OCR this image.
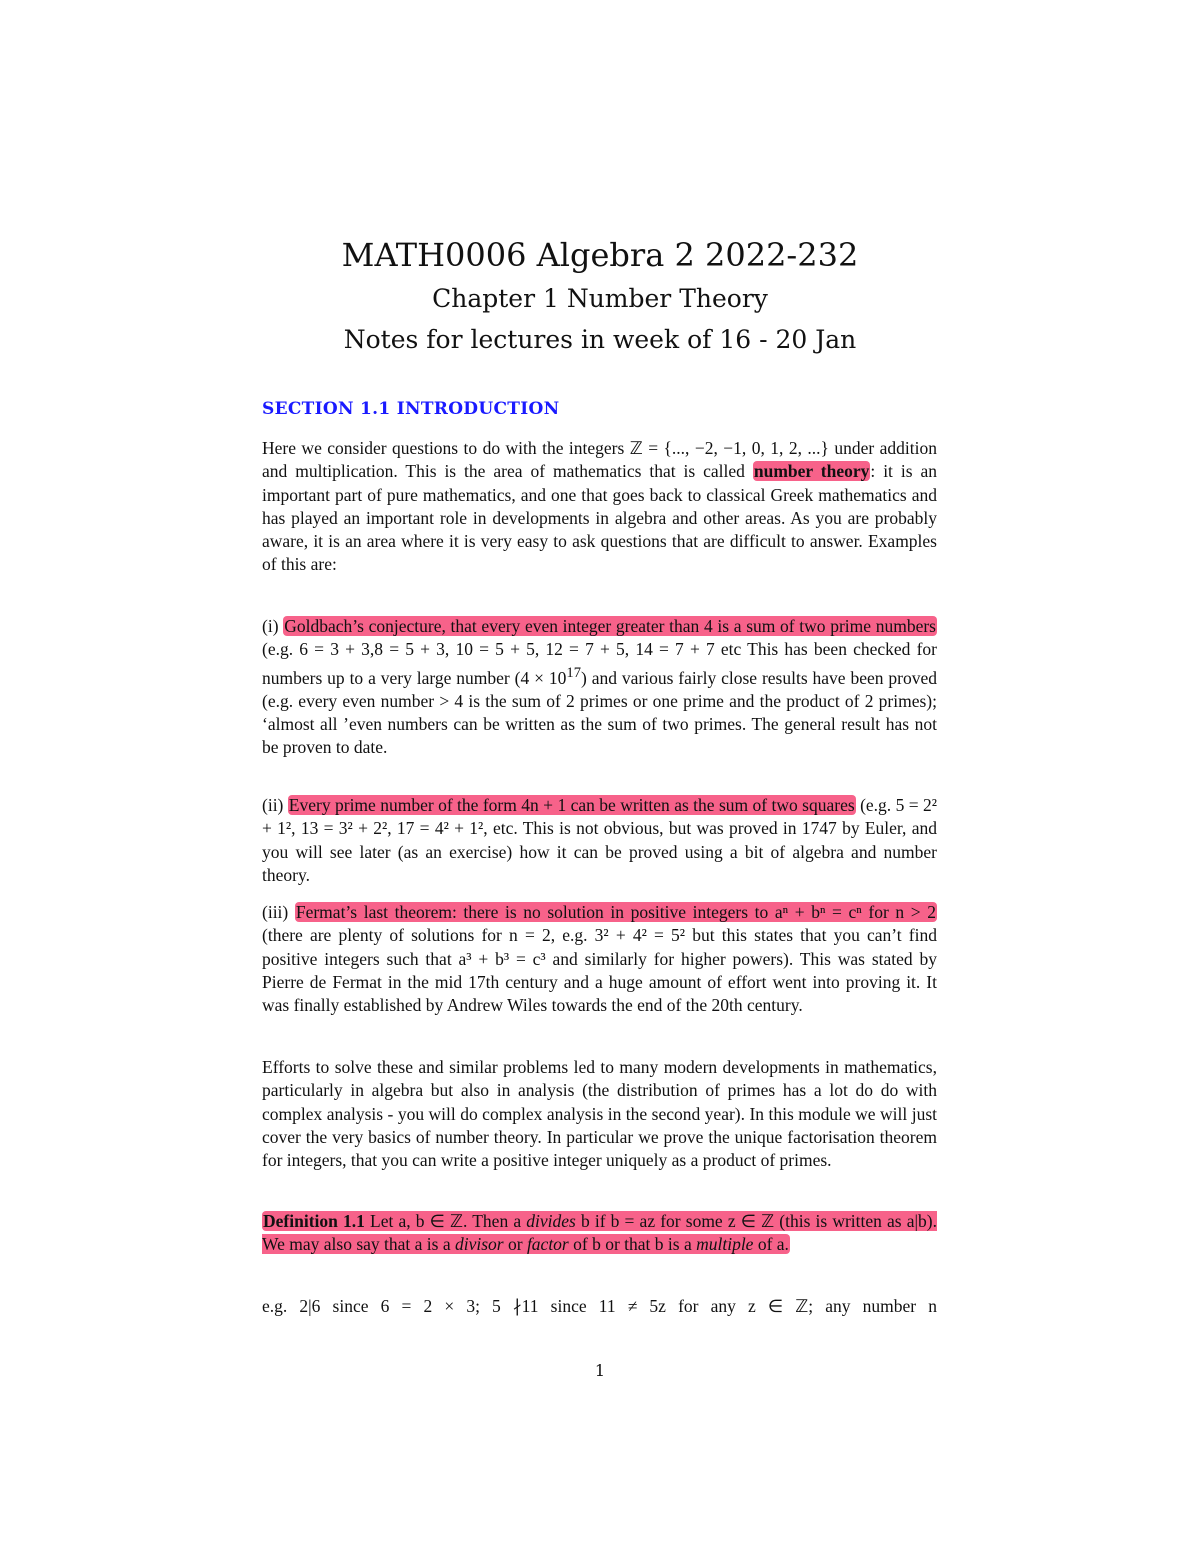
MATH0006 Algebra 2 2022-232
Chapter 1 Number Theory
Notes for lectures in week of 16 - 20 Jan
SECTION 1.1 INTRODUCTION
Here we consider questions to do with the integers ℤ = {..., −2, −1, 0, 1, 2, ...} under addition and multiplication. This is the area of mathematics that is called number theory: it is an important part of pure mathematics, and one that goes back to classical Greek mathematics and has played an important role in developments in algebra and other areas. As you are probably aware, it is an area where it is very easy to ask questions that are difficult to answer. Examples of this are:
(i) Goldbach’s conjecture, that every even integer greater than 4 is a sum of two prime numbers (e.g. 6 = 3 + 3,8 = 5 + 3, 10 = 5 + 5, 12 = 7 + 5, 14 = 7 + 7 etc This has been checked for numbers up to a very large number $(4 \times 10^{17})$ and various fairly close results have been proved (e.g. every even number > 4 is the sum of 2 primes or one prime and the product of 2 primes); ‘almost all ’even numbers can be written as the sum of two primes. The general result has not be proven to date.
(ii) Every prime number of the form 4n + 1 can be written as the sum of two squares (e.g. 5 = 2² + 1², 13 = 3² + 2², 17 = 4² + 1², etc. This is not obvious, but was proved in 1747 by Euler, and you will see later (as an exercise) how it can be proved using a bit of algebra and number theory.
(iii) Fermat’s last theorem: there is no solution in positive integers to aⁿ + bⁿ = cⁿ for n > 2 (there are plenty of solutions for n = 2, e.g. 3² + 4² = 5² but this states that you can’t find positive integers such that a³ + b³ = c³ and similarly for higher powers). This was stated by Pierre de Fermat in the mid 17th century and a huge amount of effort went into proving it. It was finally established by Andrew Wiles towards the end of the 20th century.
Efforts to solve these and similar problems led to many modern developments in mathematics, particularly in algebra but also in analysis (the distribution of primes has a lot do do with complex analysis - you will do complex analysis in the second year). In this module we will just cover the very basics of number theory. In particular we prove the unique factorisation theorem for integers, that you can write a positive integer uniquely as a product of primes.
Definition 1.1 Let a, b ∈ ℤ. Then a divides b if b = az for some z ∈ ℤ (this is written as a|b). We may also say that a is a divisor or factor of b or that b is a multiple of a.
e.g. 2|6 since 6 = 2 × 3; 5 ∤11 since 11 ≠ 5z for any z ∈ ℤ; any number n
1
